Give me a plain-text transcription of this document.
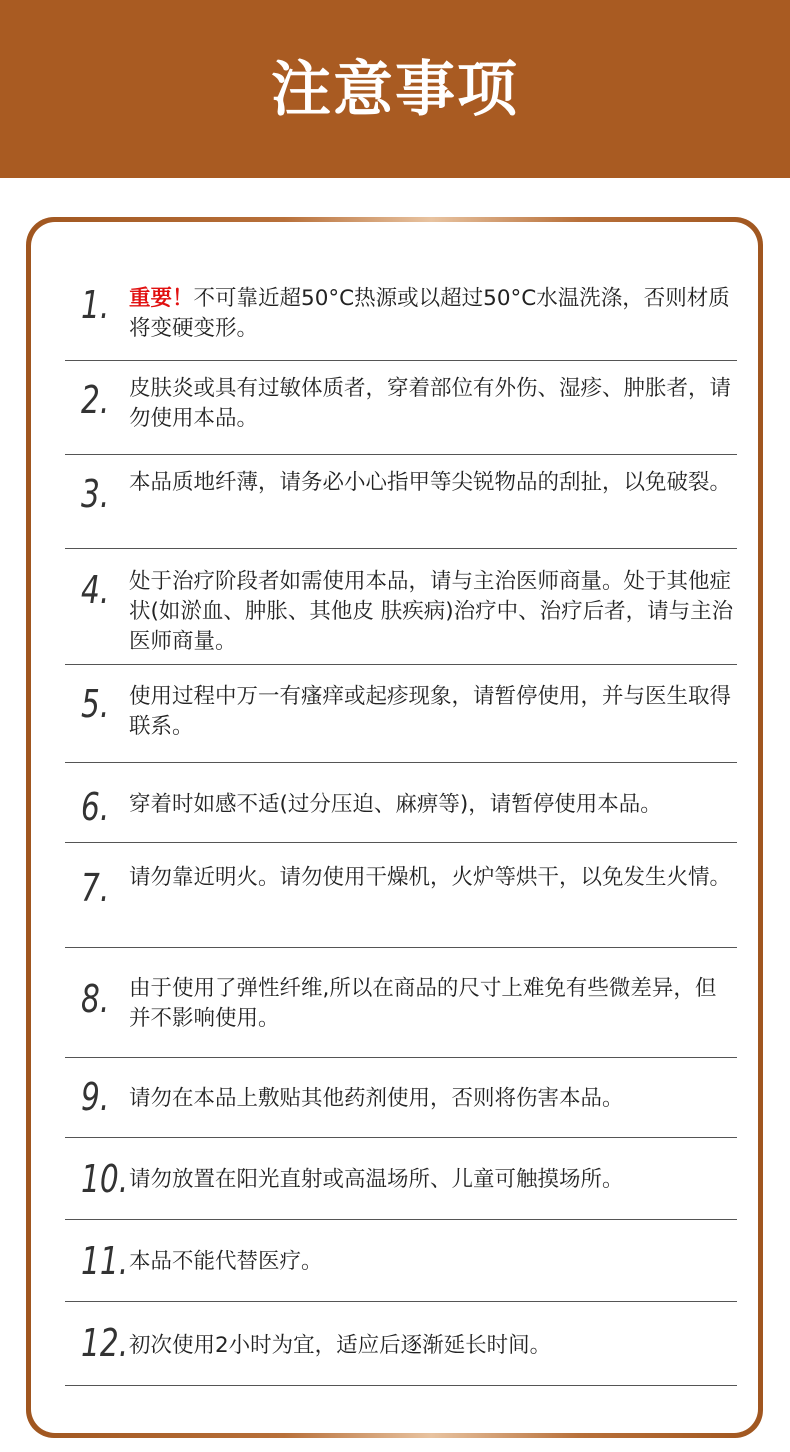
注意事项
1. 重要！不可靠近超50°C热源或以超过50°C水温洗涤，否则材质将变硬变形。
2. 皮肤炎或具有过敏体质者，穿着部位有外伤、湿疹、肿胀者，请勿使用本品。
3. 本品质地纤薄，请务必小心指甲等尖锐物品的刮扯，以免破裂。
4. 处于治疗阶段者如需使用本品，请与主治医师商量。处于其他症状(如淤血、肿胀、其他皮 肤疾病)治疗中、治疗后者，请与主治医师商量。
5. 使用过程中万一有瘙痒或起疹现象，请暂停使用，并与医生取得联系。
6. 穿着时如感不适(过分压迫、麻痹等)，请暂停使用本品。
7. 请勿靠近明火。请勿使用干燥机，火炉等烘干，以免发生火情。
8. 由于使用了弹性纤维,所以在商品的尺寸上难免有些微差异，但并不影响使用。
9. 请勿在本品上敷贴其他药剂使用，否则将伤害本品。
10. 请勿放置在阳光直射或高温场所、儿童可触摸场所。
11. 本品不能代替医疗。
12. 初次使用2小时为宜，适应后逐渐延长时间。
